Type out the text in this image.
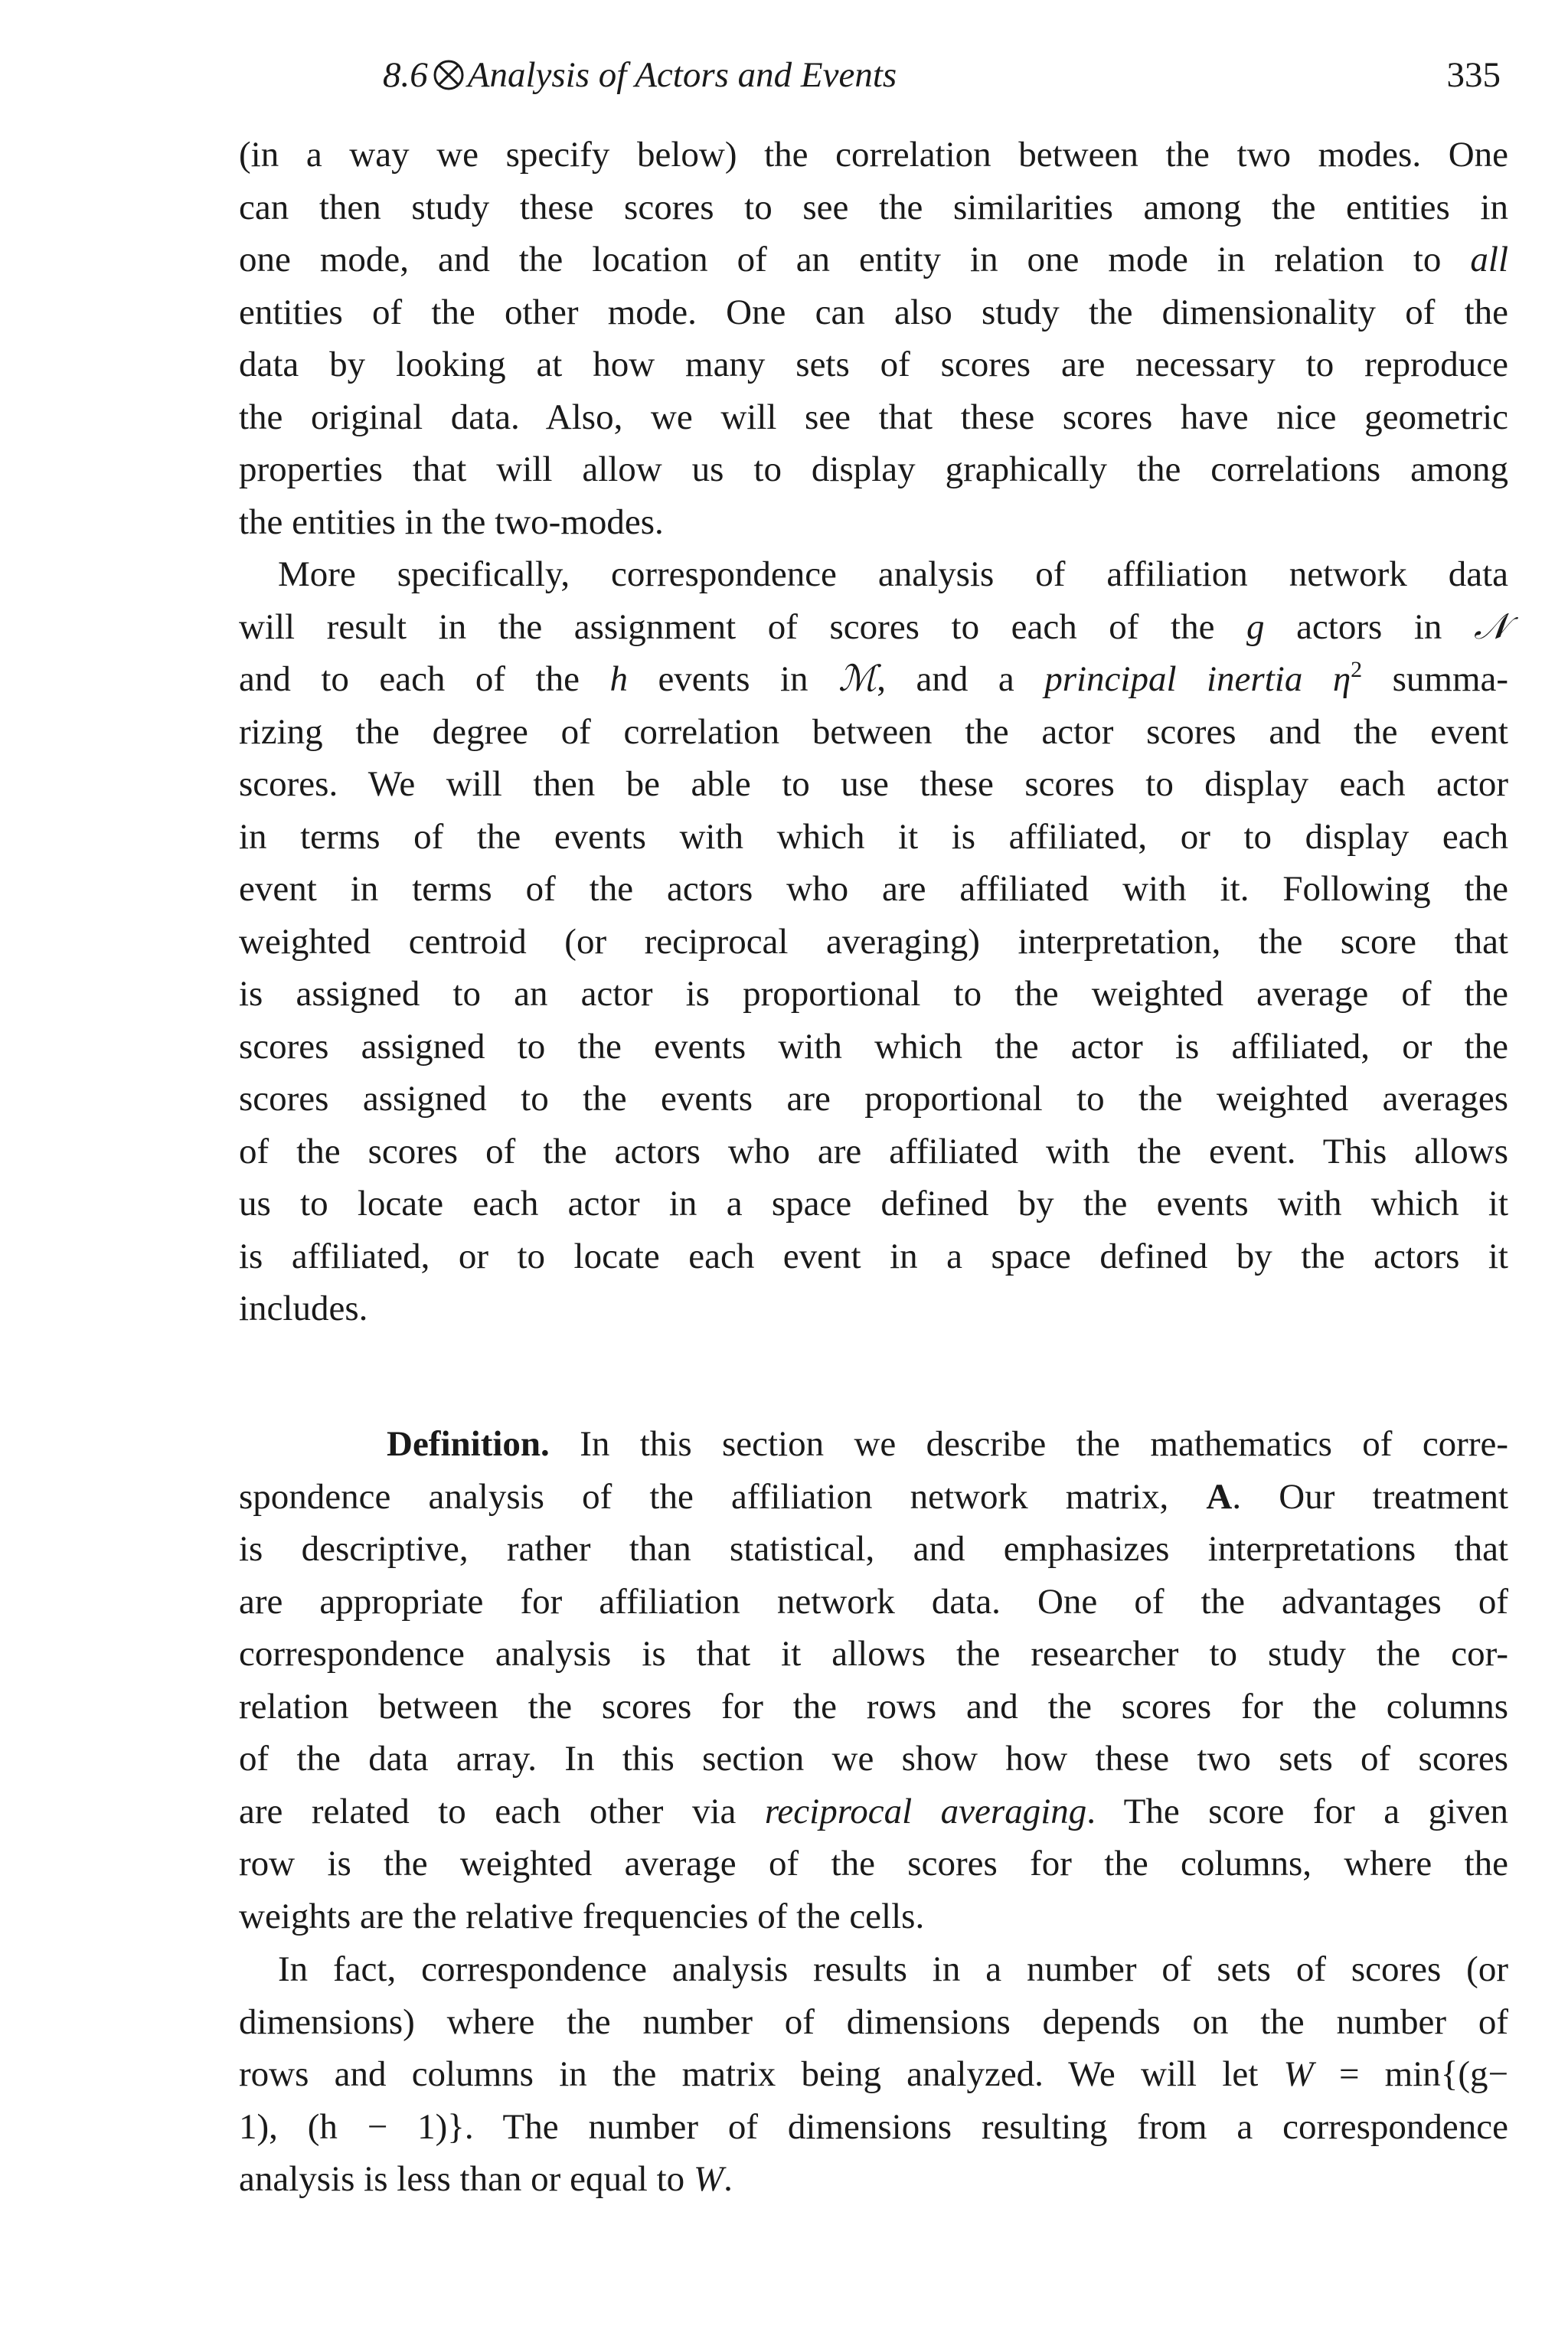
8.6 Analysis of Actors and Events	335
(in a way we specify below) the correlation between the two modes. One
can then study these scores to see the similarities among the entities in
one mode, and the location of an entity in one mode in relation to all
entities of the other mode. One can also study the dimensionality of the
data by looking at how many sets of scores are necessary to reproduce
the original data. Also, we will see that these scores have nice geometric
properties that will allow us to display graphically the correlations among
the entities in the two-modes.
More specifically, correspondence analysis of affiliation network data
will result in the assignment of scores to each of the g actors in 𝒩
and to each of the h events in ℳ, and a principal inertia $\eta^2$ summa-
rizing the degree of correlation between the actor scores and the event
scores. We will then be able to use these scores to display each actor
in terms of the events with which it is affiliated, or to display each
event in terms of the actors who are affiliated with it. Following the
weighted centroid (or reciprocal averaging) interpretation, the score that
is assigned to an actor is proportional to the weighted average of the
scores assigned to the events with which the actor is affiliated, or the
scores assigned to the events are proportional to the weighted averages
of the scores of the actors who are affiliated with the event. This allows
us to locate each actor in a space defined by the events with which it
is affiliated, or to locate each event in a space defined by the actors it
includes.
Definition. In this section we describe the mathematics of corre-
spondence analysis of the affiliation network matrix, A. Our treatment
is descriptive, rather than statistical, and emphasizes interpretations that
are appropriate for affiliation network data. One of the advantages of
correspondence analysis is that it allows the researcher to study the cor-
relation between the scores for the rows and the scores for the columns
of the data array. In this section we show how these two sets of scores
are related to each other via reciprocal averaging. The score for a given
row is the weighted average of the scores for the columns, where the
weights are the relative frequencies of the cells.
In fact, correspondence analysis results in a number of sets of scores (or
dimensions) where the number of dimensions depends on the number of
rows and columns in the matrix being analyzed. We will let W = min{(g−
1), (h − 1)}. The number of dimensions resulting from a correspondence
analysis is less than or equal to W.
